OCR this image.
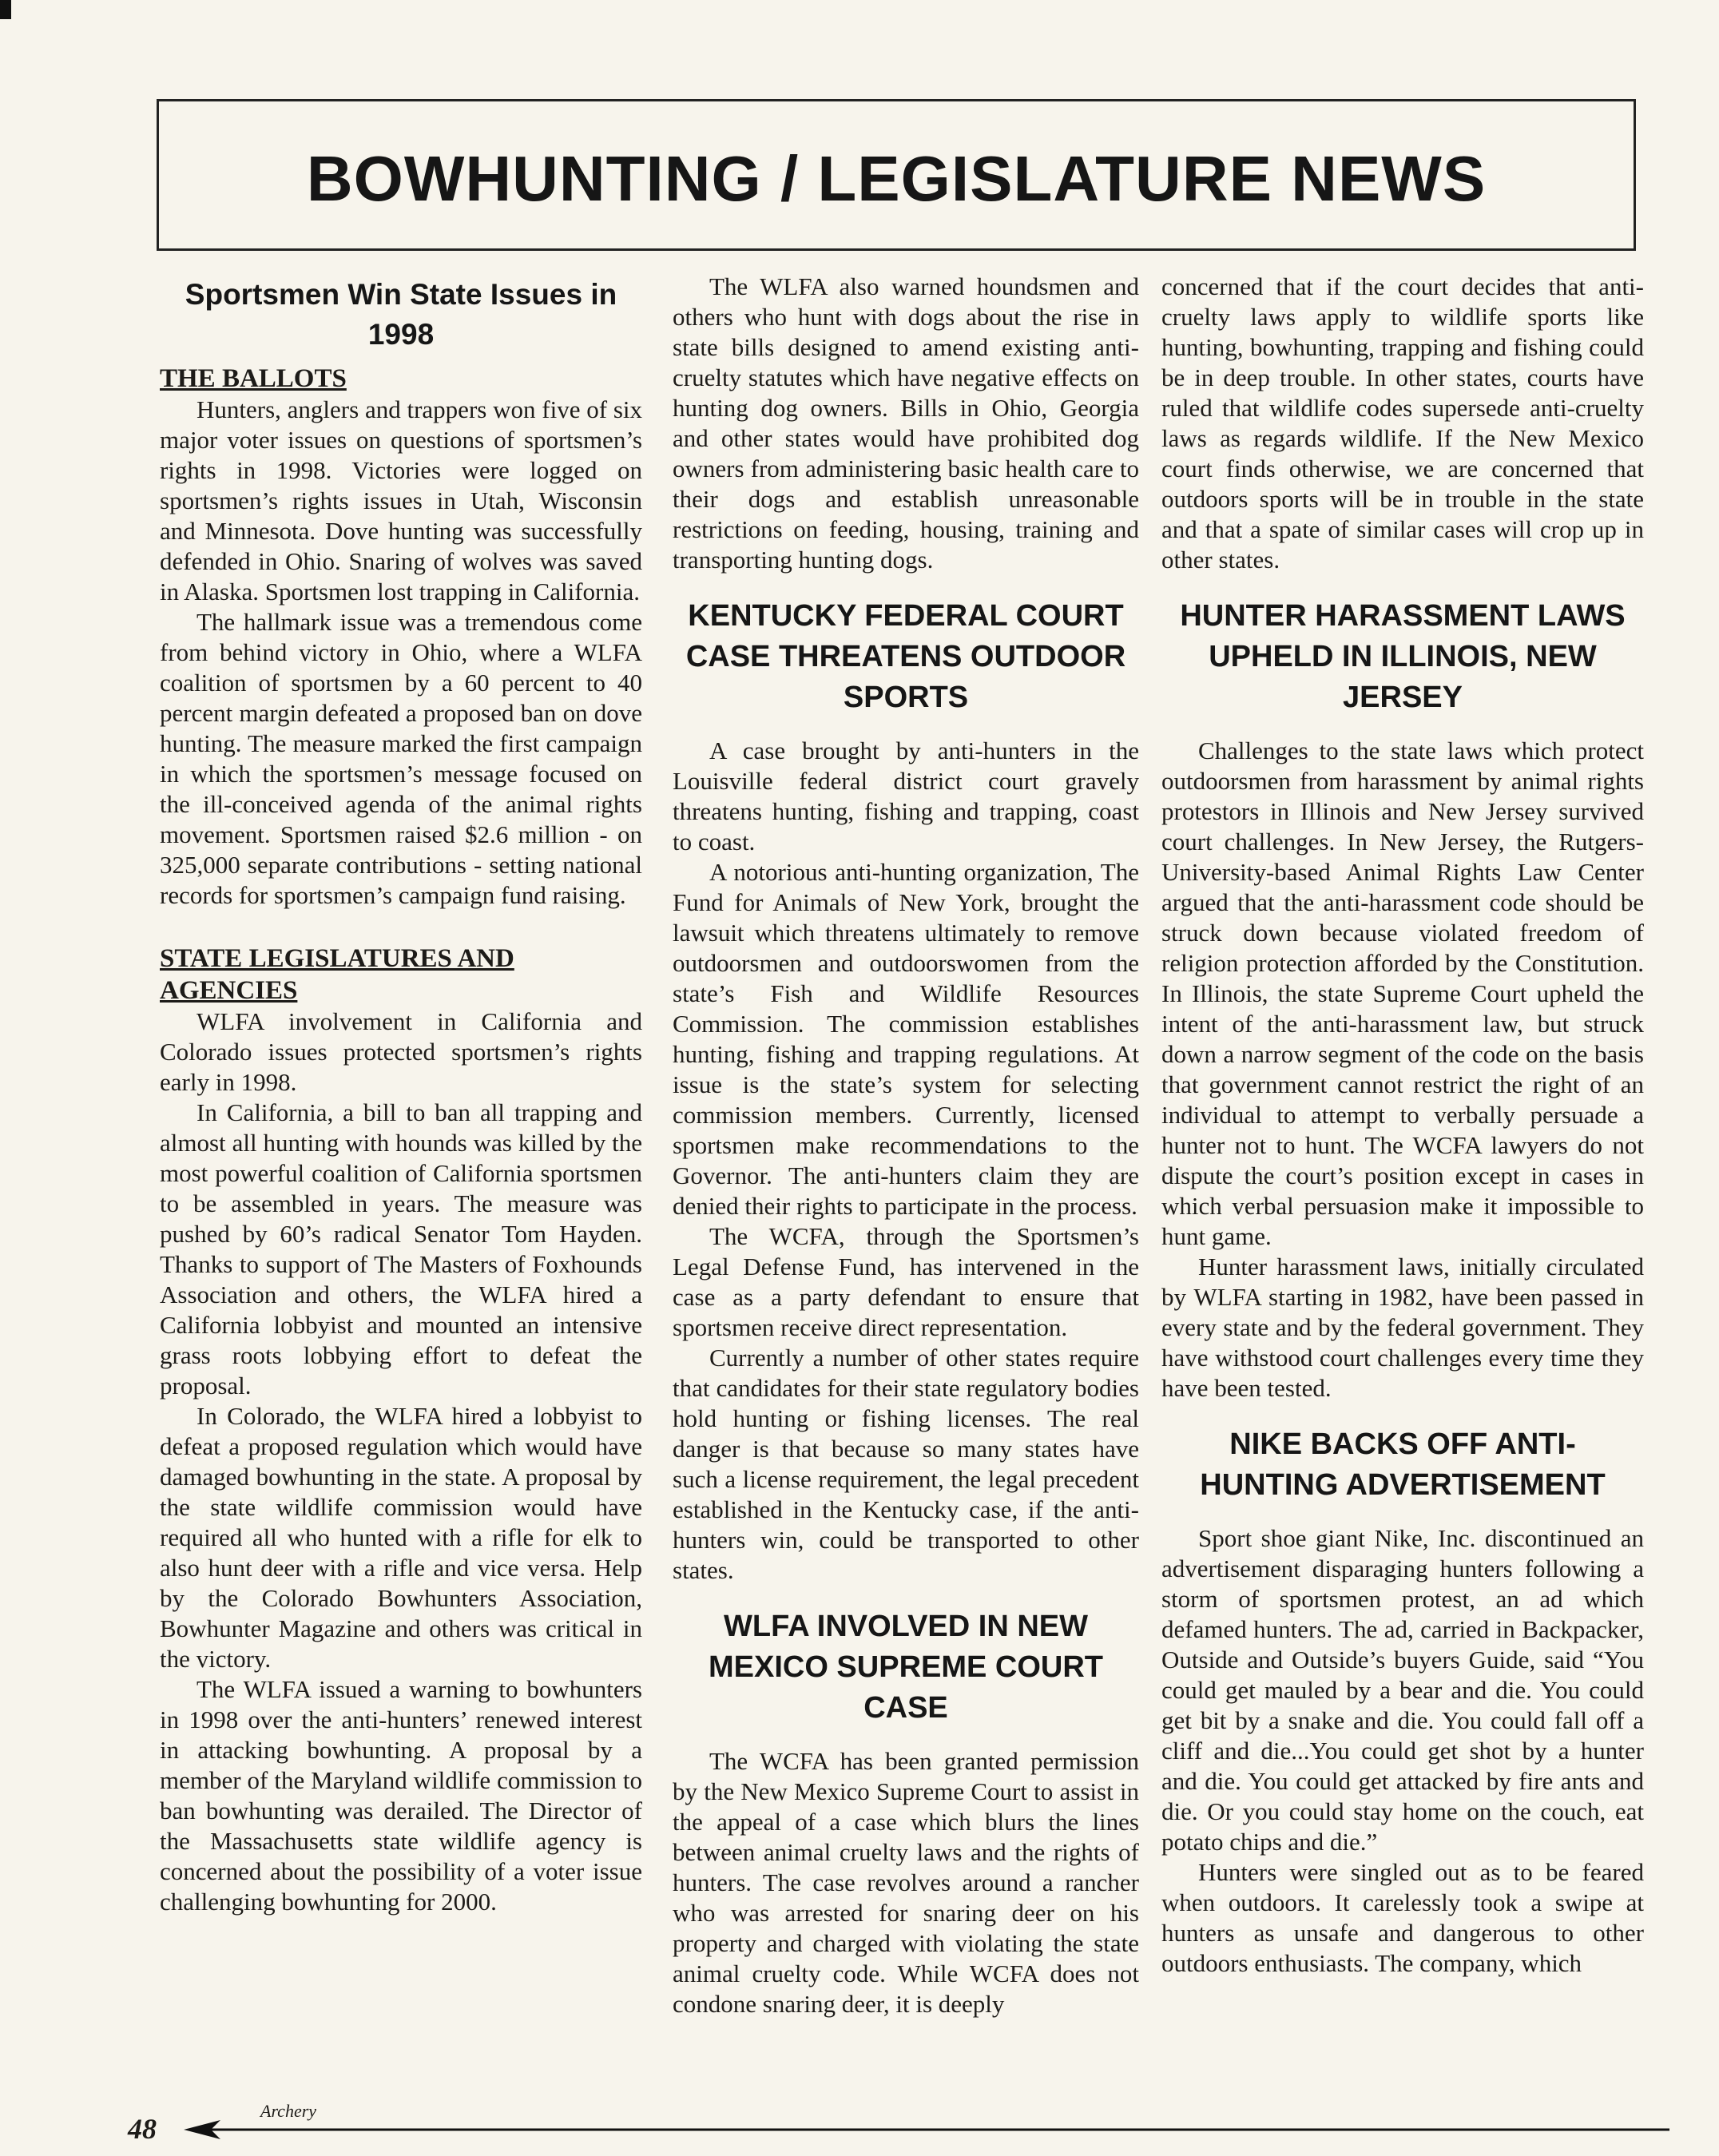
BOWHUNTING / LEGISLATURE NEWS
Sportsmen Win State Issues in 1998
THE BALLOTS

Hunters, anglers and trappers won five of six major voter issues on questions of sportsmen’s rights in 1998. Victories were logged on sportsmen’s rights issues in Utah, Wisconsin and Minnesota. Dove hunting was successfully defended in Ohio. Snaring of wolves was saved in Alaska. Sportsmen lost trapping in California.

The hallmark issue was a tremendous come from behind victory in Ohio, where a WLFA coalition of sportsmen by a 60 percent to 40 percent margin defeated a proposed ban on dove hunting. The measure marked the first campaign in which the sportsmen’s message focused on the ill-conceived agenda of the animal rights movement. Sportsmen raised $2.6 million - on 325,000 separate contributions - setting national records for sportsmen’s campaign fund raising.

STATE LEGISLATURES AND AGENCIES

WLFA involvement in California and Colorado issues protected sportsmen’s rights early in 1998.

In California, a bill to ban all trapping and almost all hunting with hounds was killed by the most powerful coalition of California sportsmen to be assembled in years. The measure was pushed by 60’s radical Senator Tom Hayden. Thanks to support of The Masters of Foxhounds Association and others, the WLFA hired a California lobbyist and mounted an intensive grass roots lobbying effort to defeat the proposal.

In Colorado, the WLFA hired a lobbyist to defeat a proposed regulation which would have damaged bowhunting in the state. A proposal by the state wildlife commission would have required all who hunted with a rifle for elk to also hunt deer with a rifle and vice versa. Help by the Colorado Bowhunters Association, Bowhunter Magazine and others was critical in the victory.

The WLFA issued a warning to bowhunters in 1998 over the anti-hunters’ renewed interest in attacking bowhunting. A proposal by a member of the Maryland wildlife commission to ban bowhunting was derailed. The Director of the Massachusetts state wildlife agency is concerned about the possibility of a voter issue challenging bowhunting for 2000.

The WLFA also warned houndsmen and others who hunt with dogs about the rise in state bills designed to amend existing anti-cruelty statutes which have negative effects on hunting dog owners. Bills in Ohio, Georgia and other states would have prohibited dog owners from administering basic health care to their dogs and establish unreasonable restrictions on feeding, housing, training and transporting hunting dogs.

KENTUCKY FEDERAL COURT CASE THREATENS OUTDOOR SPORTS

A case brought by anti-hunters in the Louisville federal district court gravely threatens hunting, fishing and trapping, coast to coast.

A notorious anti-hunting organization, The Fund for Animals of New York, brought the lawsuit which threatens ultimately to remove outdoorsmen and outdoorswomen from the state’s Fish and Wildlife Resources Commission. The commission establishes hunting, fishing and trapping regulations. At issue is the state’s system for selecting commission members. Currently, licensed sportsmen make recommendations to the Governor. The anti-hunters claim they are denied their rights to participate in the process.

The WCFA, through the Sportsmen’s Legal Defense Fund, has intervened in the case as a party defendant to ensure that sportsmen receive direct representation.

Currently a number of other states require that candidates for their state regulatory bodies hold hunting or fishing licenses. The real danger is that because so many states have such a license requirement, the legal precedent established in the Kentucky case, if the anti-hunters win, could be transported to other states.

WLFA INVOLVED IN NEW MEXICO SUPREME COURT CASE

The WCFA has been granted permission by the New Mexico Supreme Court to assist in the appeal of a case which blurs the lines between animal cruelty laws and the rights of hunters. The case revolves around a rancher who was arrested for snaring deer on his property and charged with violating the state animal cruelty code. While WCFA does not condone snaring deer, it is deeply

concerned that if the court decides that anti-cruelty laws apply to wildlife sports like hunting, bowhunting, trapping and fishing could be in deep trouble. In other states, courts have ruled that wildlife codes supersede anti-cruelty laws as regards wildlife. If the New Mexico court finds otherwise, we are concerned that outdoors sports will be in trouble in the state and that a spate of similar cases will crop up in other states.

HUNTER HARASSMENT LAWS UPHELD IN ILLINOIS, NEW JERSEY

Challenges to the state laws which protect outdoorsmen from harassment by animal rights protestors in Illinois and New Jersey survived court challenges. In New Jersey, the Rutgers-University-based Animal Rights Law Center argued that the anti-harassment code should be struck down because violated freedom of religion protection afforded by the Constitution. In Illinois, the state Supreme Court upheld the intent of the anti-harassment law, but struck down a narrow segment of the code on the basis that government cannot restrict the right of an individual to attempt to verbally persuade a hunter not to hunt. The WCFA lawyers do not dispute the court’s position except in cases in which verbal persuasion make it impossible to hunt game.

Hunter harassment laws, initially circulated by WLFA starting in 1982, have been passed in every state and by the federal government. They have withstood court challenges every time they have been tested.

NIKE BACKS OFF ANTI-HUNTING ADVERTISEMENT

Sport shoe giant Nike, Inc. discontinued an advertisement disparaging hunters following a storm of sportsmen protest, an ad which defamed hunters. The ad, carried in Backpacker, Outside and Outside’s buyers Guide, said “You could get mauled by a bear and die. You could get bit by a snake and die. You could fall off a cliff and die...You could get shot by a hunter and die. You could get attacked by fire ants and die. Or you could stay home on the couch, eat potato chips and die.”

Hunters were singled out as to be feared when outdoors. It carelessly took a swipe at hunters as unsafe and dangerous to other outdoors enthusiasts. The company, which

48
Archery
